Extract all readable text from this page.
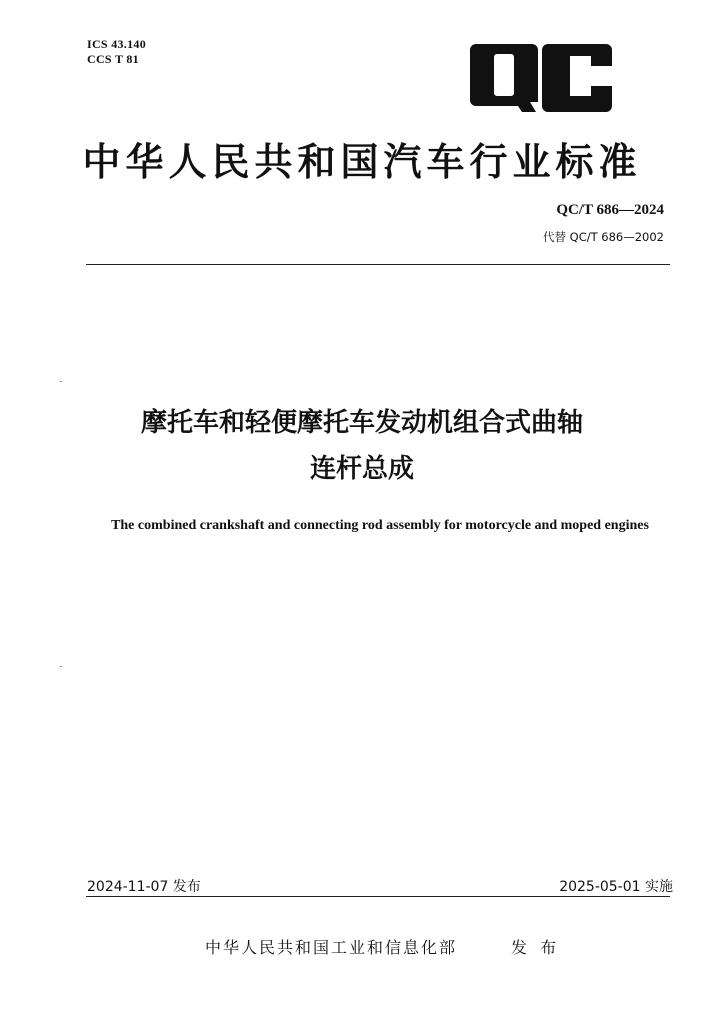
ICS 43.140
CCS T 81
中华人民共和国汽车行业标准
QC/T 686—2024
代替 QC/T 686—2002
摩托车和轻便摩托车发动机组合式曲轴
连杆总成
The combined crankshaft and connecting rod assembly for motorcycle and moped engines
2024-11-07 发布	2025-05-01 实施
中华人民共和国工业和信息化部	发 布
